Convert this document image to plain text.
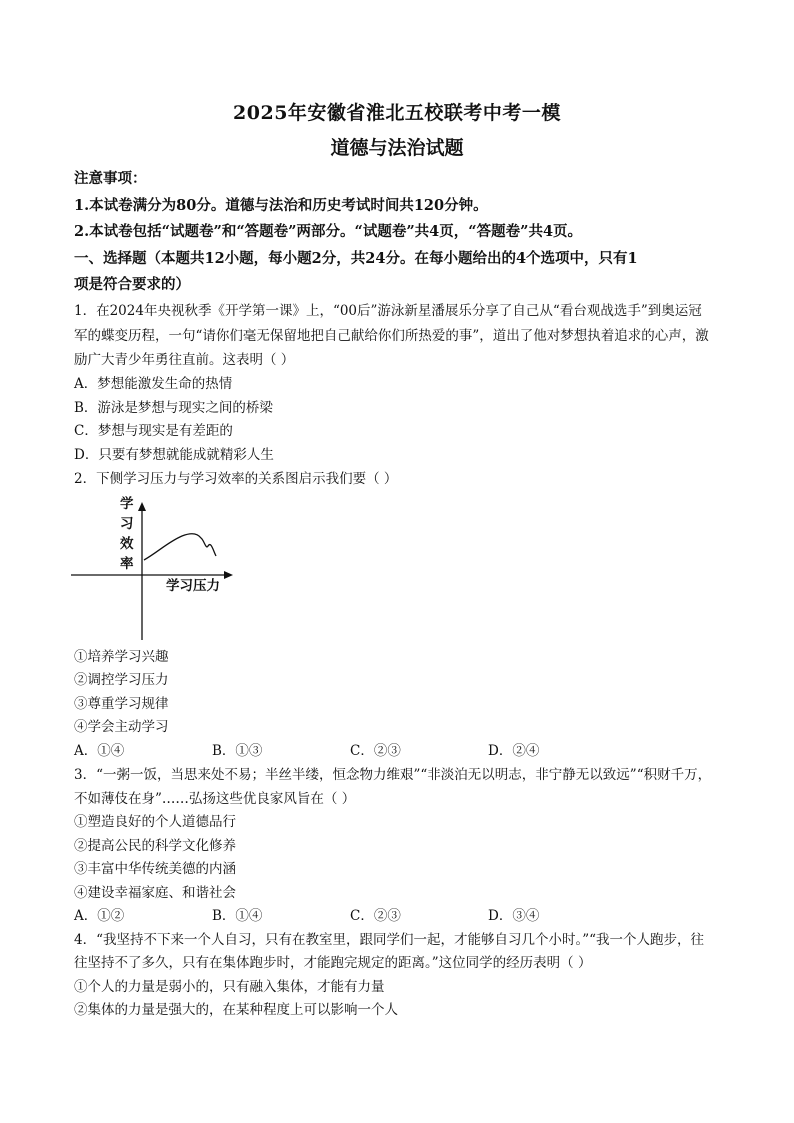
2025年安徽省淮北五校联考中考一模
道德与法治试题
注意事项：
1.本试卷满分为80分。道德与法治和历史考试时间共120分钟。
2.本试卷包括“试题卷”和“答题卷”两部分。“试题卷”共4页，“答题卷”共4页。
一、选择题（本题共12小题，每小题2分，共24分。在每小题给出的4个选项中，只有1
项是符合要求的）
1．在2024年央视秋季《开学第一课》上，“00后”游泳新星潘展乐分享了自己从“看台观战选手”到奥运冠
军的蝶变历程，一句“请你们毫无保留地把自己献给你们所热爱的事”，道出了他对梦想执着追求的心声，激
励广大青少年勇往直前。这表明（ ）
A．梦想能激发生命的热情
B．游泳是梦想与现实之间的桥梁
C．梦想与现实是有差距的
D．只要有梦想就能成就精彩人生
2．下侧学习压力与学习效率的关系图启示我们要（ ）
学
习
效
率
学习压力
①培养学习兴趣
②调控学习压力
③尊重学习规律
④学会主动学习
A．①④	B．①③	C．②③	D．②④
3．“一粥一饭，当思来处不易；半丝半缕，恒念物力维艰”“非淡泊无以明志，非宁静无以致远”“积财千万，
不如薄伎在身”……弘扬这些优良家风旨在（ ）
①塑造良好的个人道德品行
②提高公民的科学文化修养
③丰富中华传统美德的内涵
④建设幸福家庭、和谐社会
A．①②	B．①④	C．②③	D．③④
4．“我坚持不下来一个人自习，只有在教室里，跟同学们一起，才能够自习几个小时。”“我一个人跑步，往
往坚持不了多久，只有在集体跑步时，才能跑完规定的距离。”这位同学的经历表明（ ）
①个人的力量是弱小的，只有融入集体，才能有力量
②集体的力量是强大的，在某种程度上可以影响一个人
